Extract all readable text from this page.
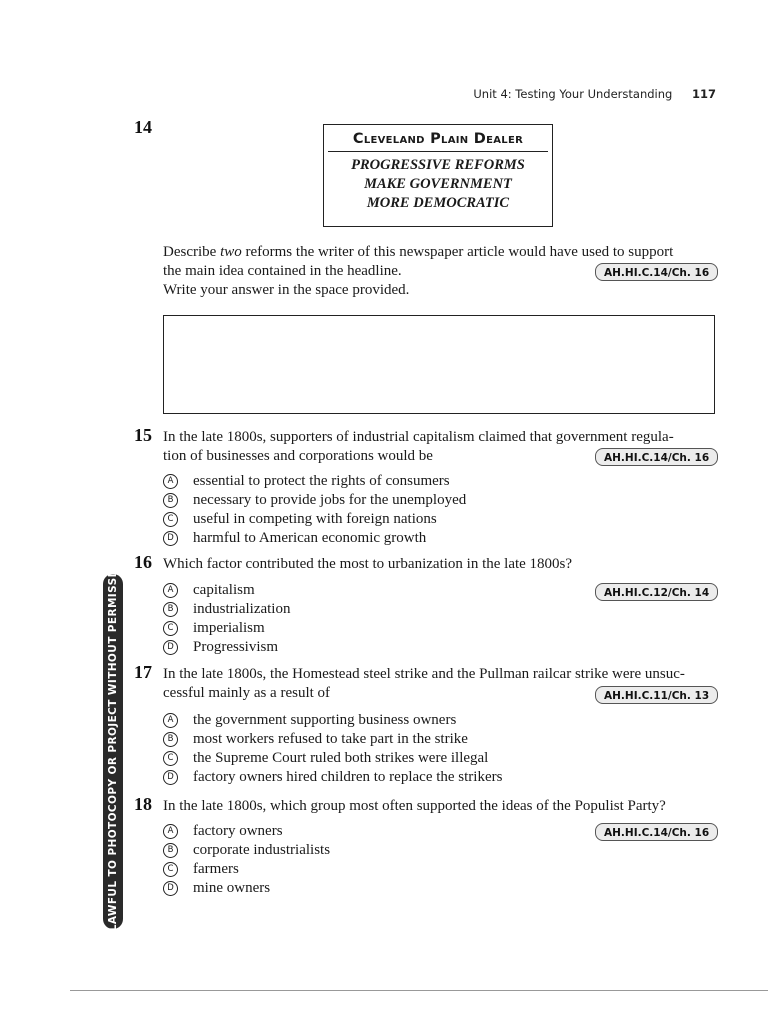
Unit 4: Testing Your Understanding 117
14
Cleveland Plain Dealer
PROGRESSIVE REFORMS
MAKE GOVERNMENT
MORE DEMOCRATIC
Describe two reforms the writer of this newspaper article would have used to support
the main idea contained in the headline.
Write your answer in the space provided.
AH.HI.C.14/Ch. 16
15 In the late 1800s, supporters of industrial capitalism claimed that government regula-
tion of businesses and corporations would be	AH.HI.C.14/Ch. 16
A	essential to protect the rights of consumers
B	necessary to provide jobs for the unemployed
C	useful in competing with foreign nations
D harmful to American economic growth
16 Which factor contributed the most to urbanization in the late 1800s?
AH.HI.C.12/Ch. 14
A	capitalism
B	industrialization
C	imperialism
D Progressivism
17 In the late 1800s, the Homestead steel strike and the Pullman railcar strike were unsuc-
cessful mainly as a result of	AH.HI.C.11/Ch. 13
A	the government supporting business owners
B	most workers refused to take part in the strike
C	the Supreme Court ruled both strikes were illegal
D factory owners hired children to replace the strikers
18 In the late 1800s, which group most often supported the ideas of the Populist Party?
AH.HI.C.14/Ch. 16
A	factory owners
B	corporate industrialists
C	farmers
D mine owners
UNLAWFUL TO PHOTOCOPY OR PROJECT WITHOUT PERMISSION
